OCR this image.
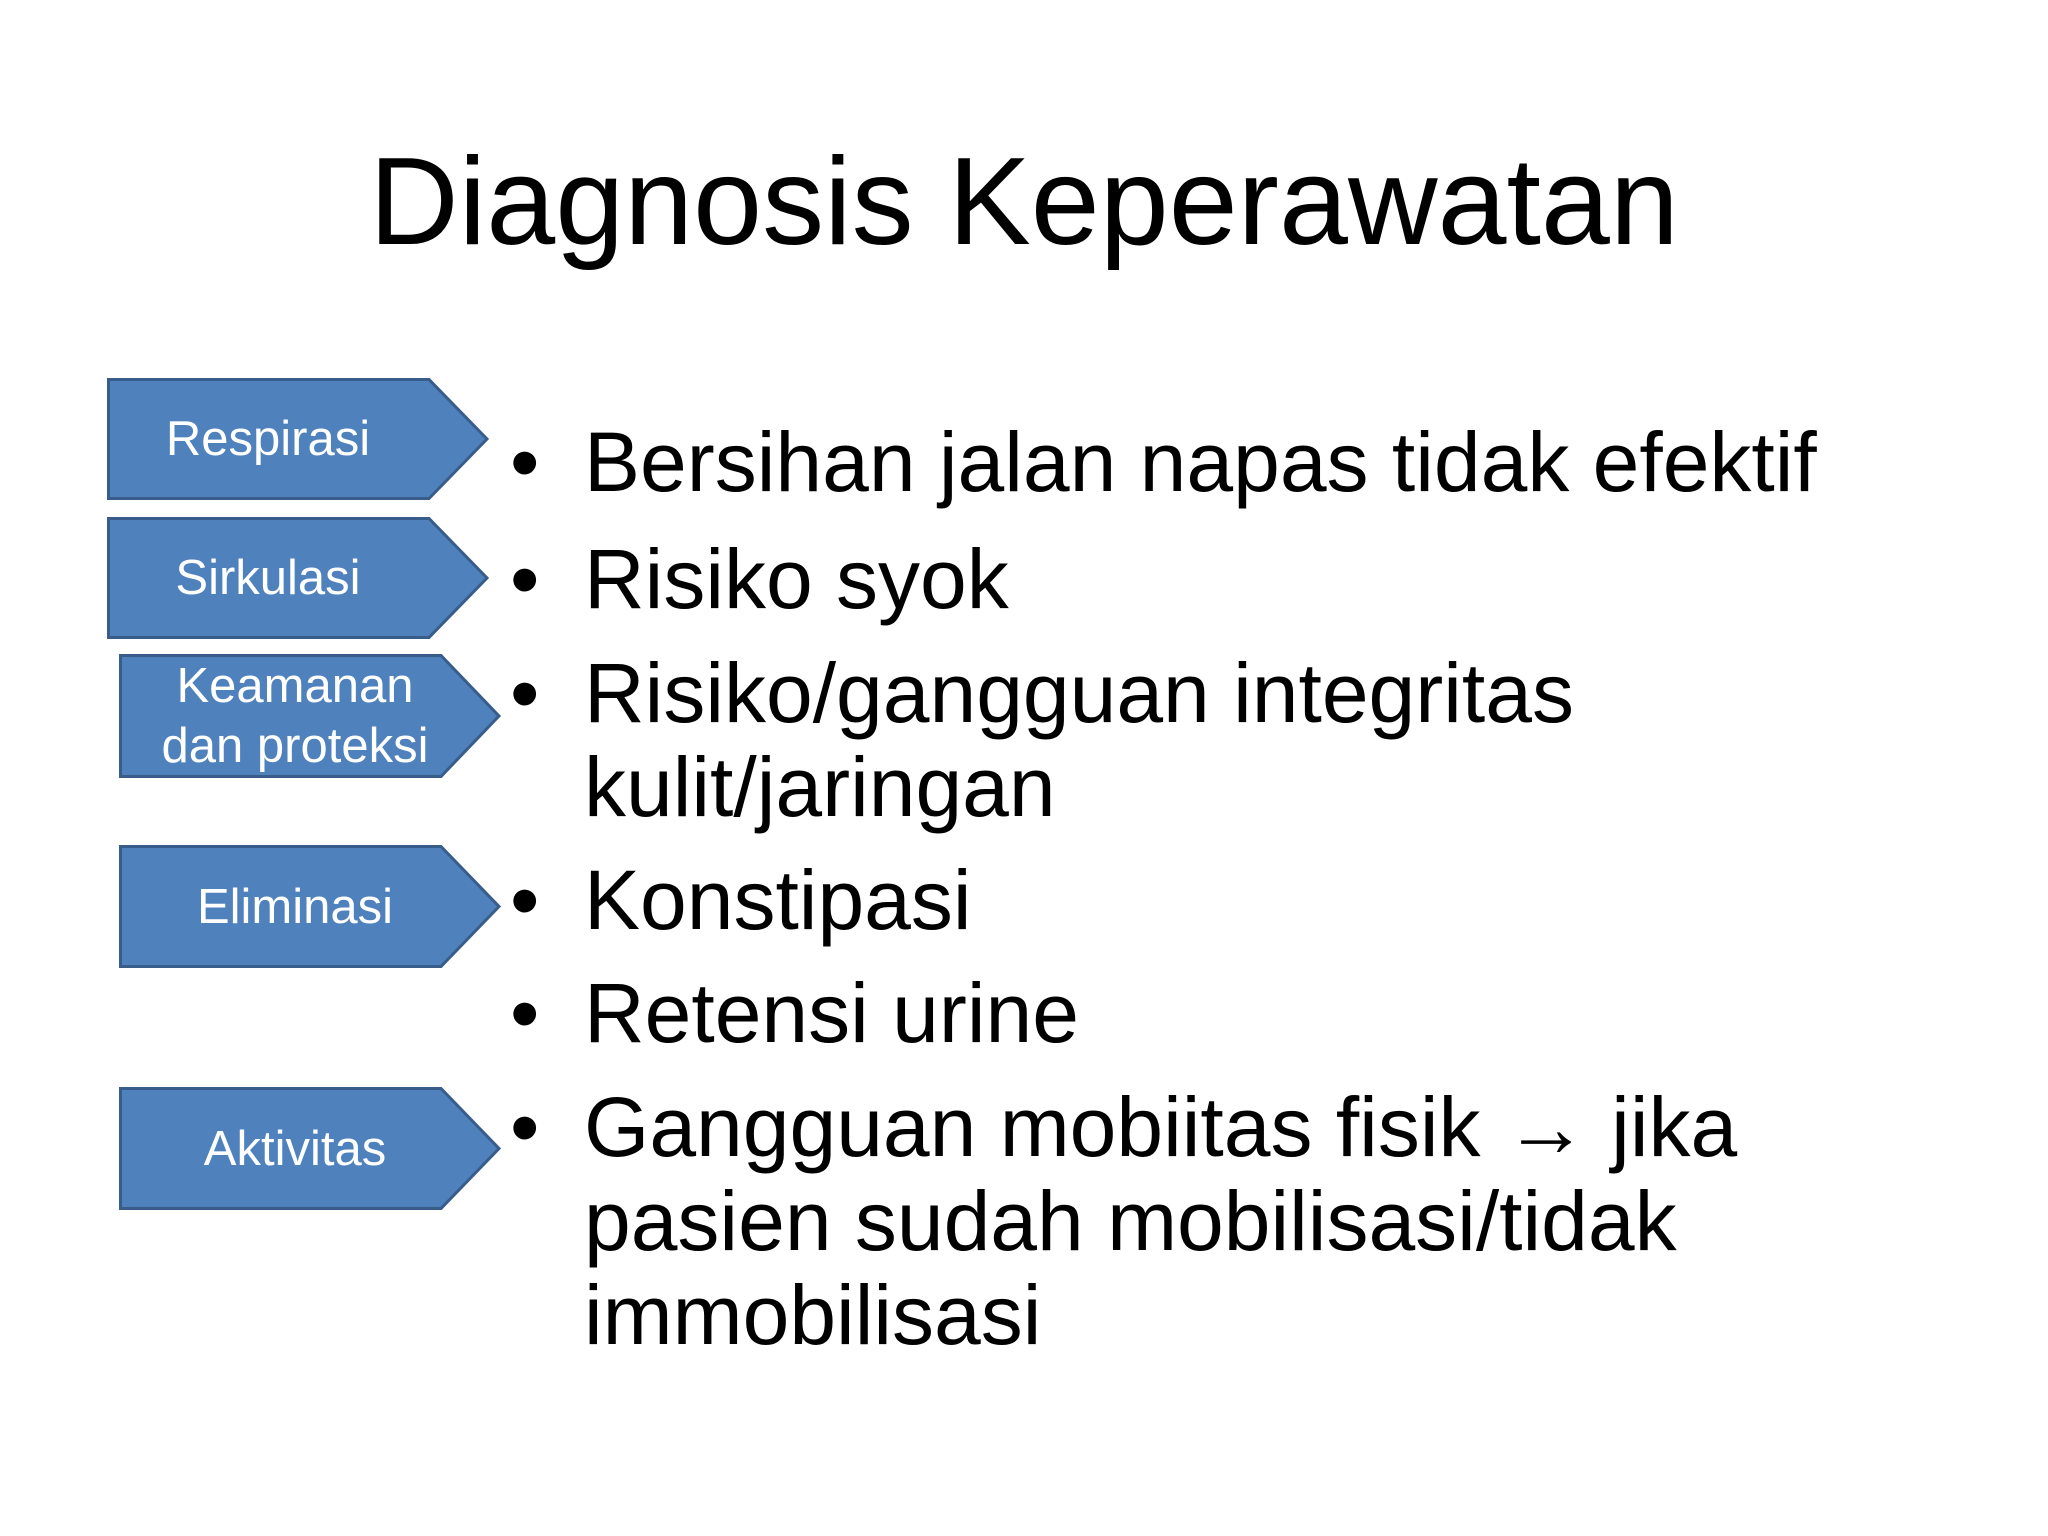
Diagnosis Keperawatan
Respirasi
Sirkulasi
Keamanan
dan proteksi
Eliminasi
Aktivitas
• Bersihan jalan napas tidak efektif
• Risiko syok
• Risiko/gangguan integritas
kulit/jaringan
• Konstipasi
• Retensi urine
• Gangguan mobiitas fisik → jika
pasien sudah mobilisasi/tidak
immobilisasi
